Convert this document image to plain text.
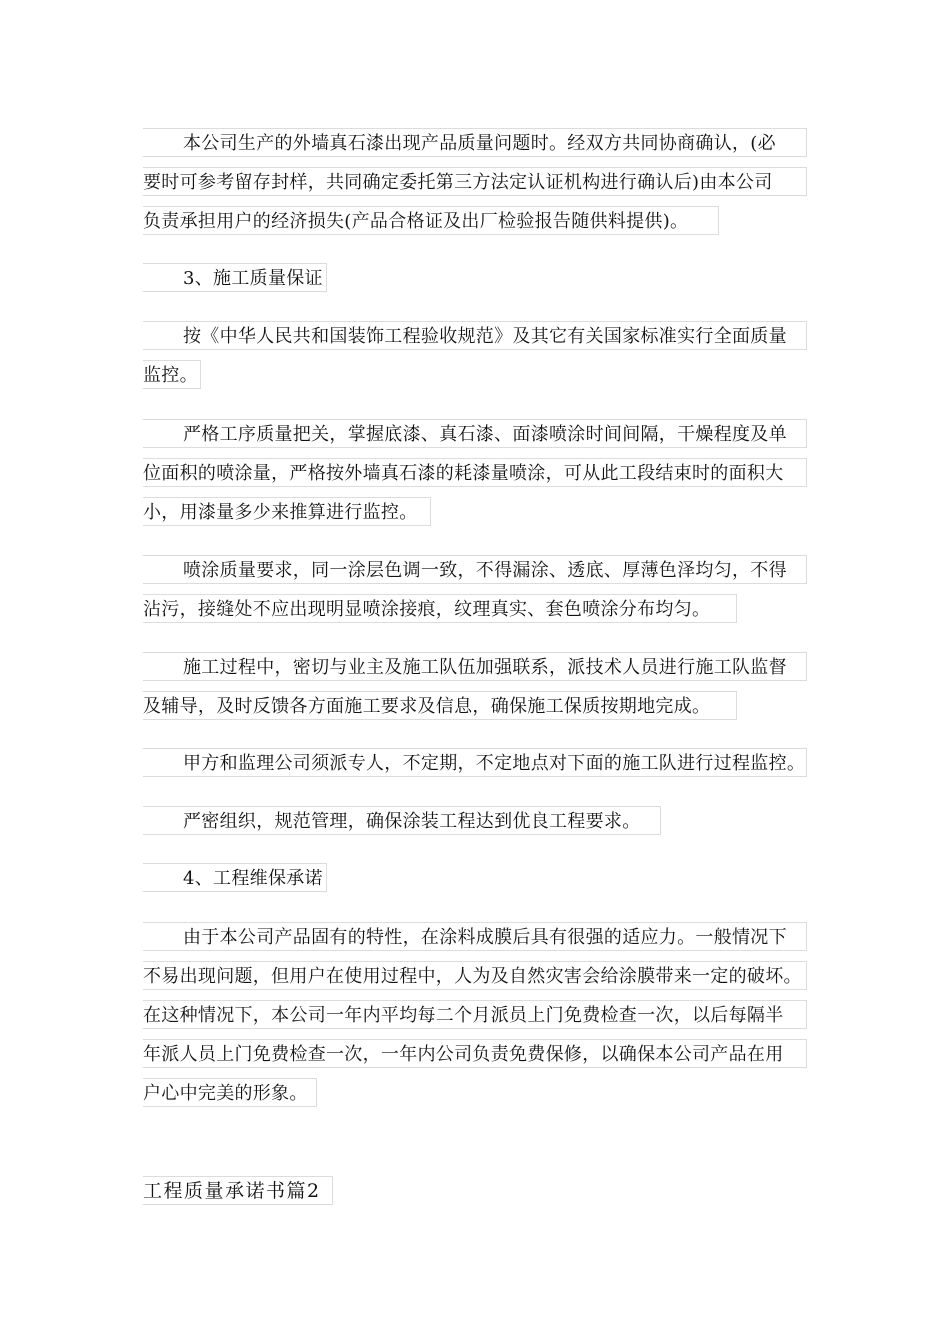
本公司生产的外墙真石漆出现产品质量问题时。经双方共同协商确认，(必
要时可参考留存封样，共同确定委托第三方法定认证机构进行确认后)由本公司
负责承担用户的经济损失(产品合格证及出厂检验报告随供料提供)。
3、施工质量保证
按《中华人民共和国装饰工程验收规范》及其它有关国家标准实行全面质量
监控。
严格工序质量把关，掌握底漆、真石漆、面漆喷涂时间间隔，干燥程度及单
位面积的喷涂量，严格按外墙真石漆的耗漆量喷涂，可从此工段结束时的面积大
小，用漆量多少来推算进行监控。
喷涂质量要求，同一涂层色调一致，不得漏涂、透底、厚薄色泽均匀，不得
沾污，接缝处不应出现明显喷涂接痕，纹理真实、套色喷涂分布均匀。
施工过程中，密切与业主及施工队伍加强联系，派技术人员进行施工队监督
及辅导，及时反馈各方面施工要求及信息，确保施工保质按期地完成。
甲方和监理公司须派专人，不定期，不定地点对下面的施工队进行过程监控。
严密组织，规范管理，确保涂装工程达到优良工程要求。
4、工程维保承诺
由于本公司产品固有的特性，在涂料成膜后具有很强的适应力。一般情况下
不易出现问题，但用户在使用过程中，人为及自然灾害会给涂膜带来一定的破坏。
在这种情况下，本公司一年内平均每二个月派员上门免费检查一次，以后每隔半
年派人员上门免费检查一次，一年内公司负责免费保修，以确保本公司产品在用
户心中完美的形象。
工程质量承诺书篇2
